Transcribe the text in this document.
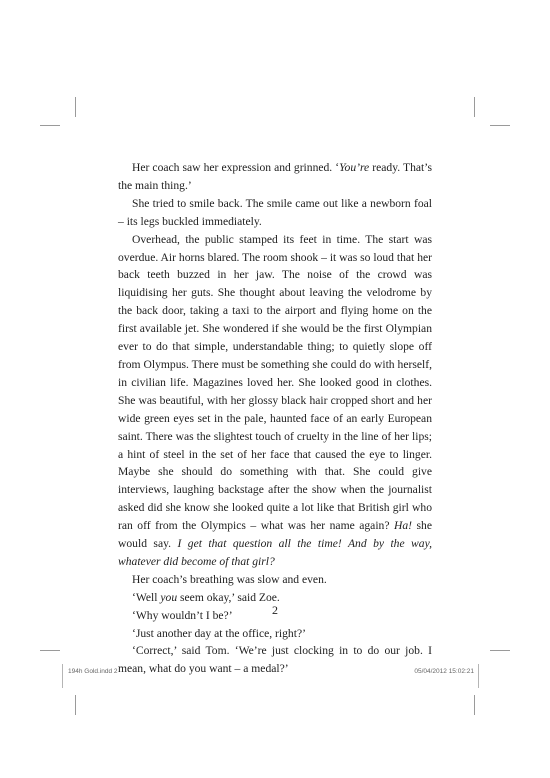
Her coach saw her expression and grinned. ‘You’re ready. That’s the main thing.’

She tried to smile back. The smile came out like a newborn foal – its legs buckled immediately.

Overhead, the public stamped its feet in time. The start was overdue. Air horns blared. The room shook – it was so loud that her back teeth buzzed in her jaw. The noise of the crowd was liquidising her guts. She thought about leaving the velodrome by the back door, taking a taxi to the airport and flying home on the first available jet. She wondered if she would be the first Olympian ever to do that simple, understandable thing; to quietly slope off from Olympus. There must be something she could do with herself, in civilian life. Magazines loved her. She looked good in clothes. She was beautiful, with her glossy black hair cropped short and her wide green eyes set in the pale, haunted face of an early European saint. There was the slightest touch of cruelty in the line of her lips; a hint of steel in the set of her face that caused the eye to linger. Maybe she should do something with that. She could give interviews, laughing backstage after the show when the journalist asked did she know she looked quite a lot like that British girl who ran off from the Olympics – what was her name again? Ha! she would say. I get that question all the time! And by the way, whatever did become of that girl?

Her coach’s breathing was slow and even.

‘Well you seem okay,’ said Zoe.

‘Why wouldn’t I be?’

‘Just another day at the office, right?’

‘Correct,’ said Tom. ‘We’re just clocking in to do our job. I mean, what do you want – a medal?’

2
194h Gold.indd 2	05/04/2012 15:02:21
